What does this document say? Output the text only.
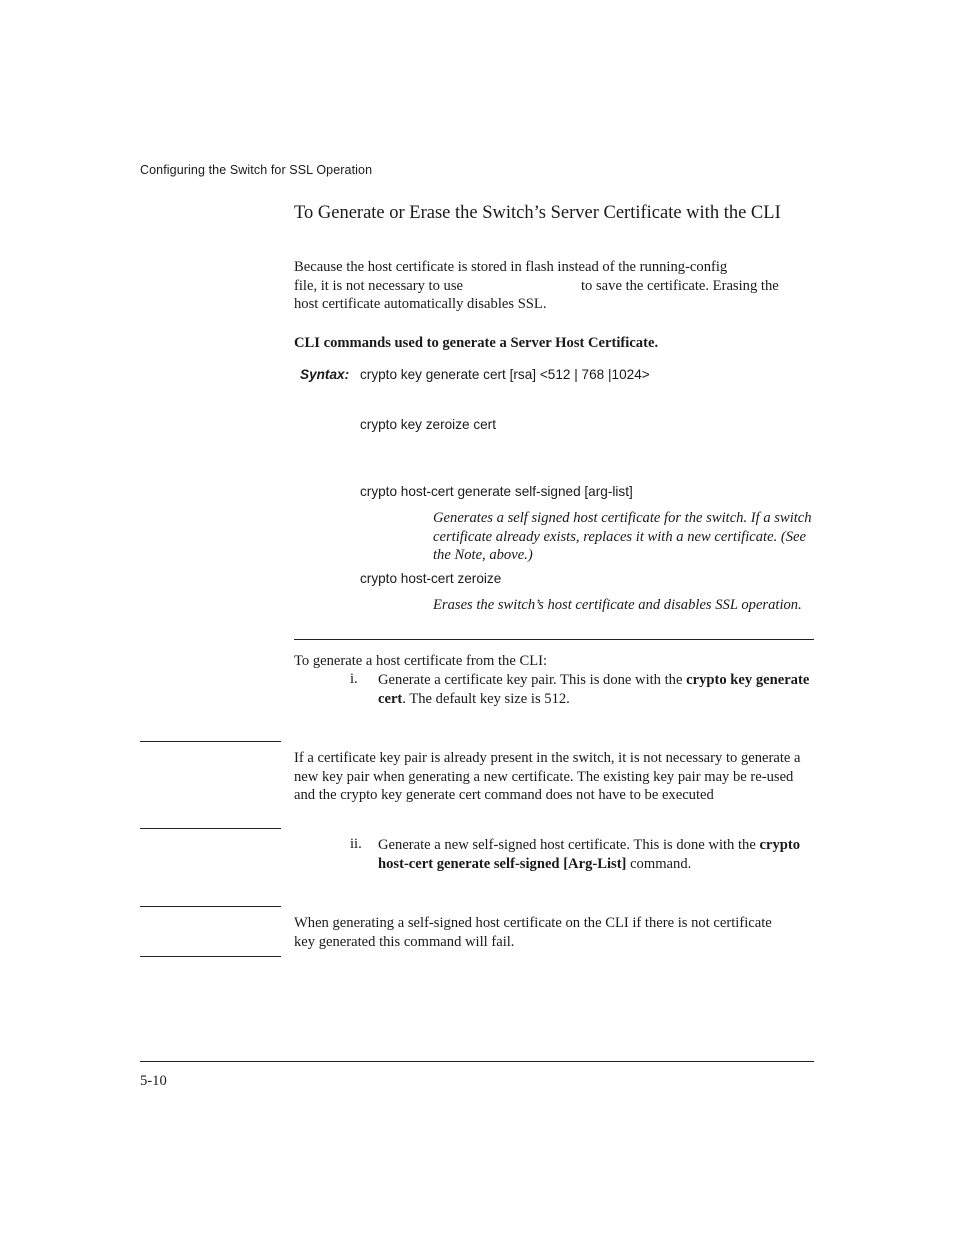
Configuring the Switch for SSL Operation
To Generate or Erase the Switch’s Server Certificate with the CLI
Because the host certificate is stored in flash instead of the running-config
file, it is not necessary to use	to save the certificate. Erasing the
host certificate automatically disables SSL.
CLI commands used to generate a Server Host Certificate.
Syntax: crypto key generate cert [rsa] <512 | 768 |1024>
crypto key zeroize cert
crypto host-cert generate self-signed [arg-list]
Generates a self signed host certificate for the switch. If a switch certificate already exists, replaces it with a new certificate. (See the Note, above.)
crypto host-cert zeroize
Erases the switch’s host certificate and disables SSL operation.
To generate a host certificate from the CLI:
i. Generate a certificate key pair. This is done with the crypto key generate cert. The default key size is 512.
If a certificate key pair is already present in the switch, it is not necessary to generate a new key pair when generating a new certificate. The existing key pair may be re-used and the crypto key generate cert command does not have to be executed
ii. Generate a new self-signed host certificate. This is done with the crypto host-cert generate self-signed [Arg-List] command.
When generating a self-signed host certificate on the CLI if there is not certificate key generated this command will fail.
5-10
